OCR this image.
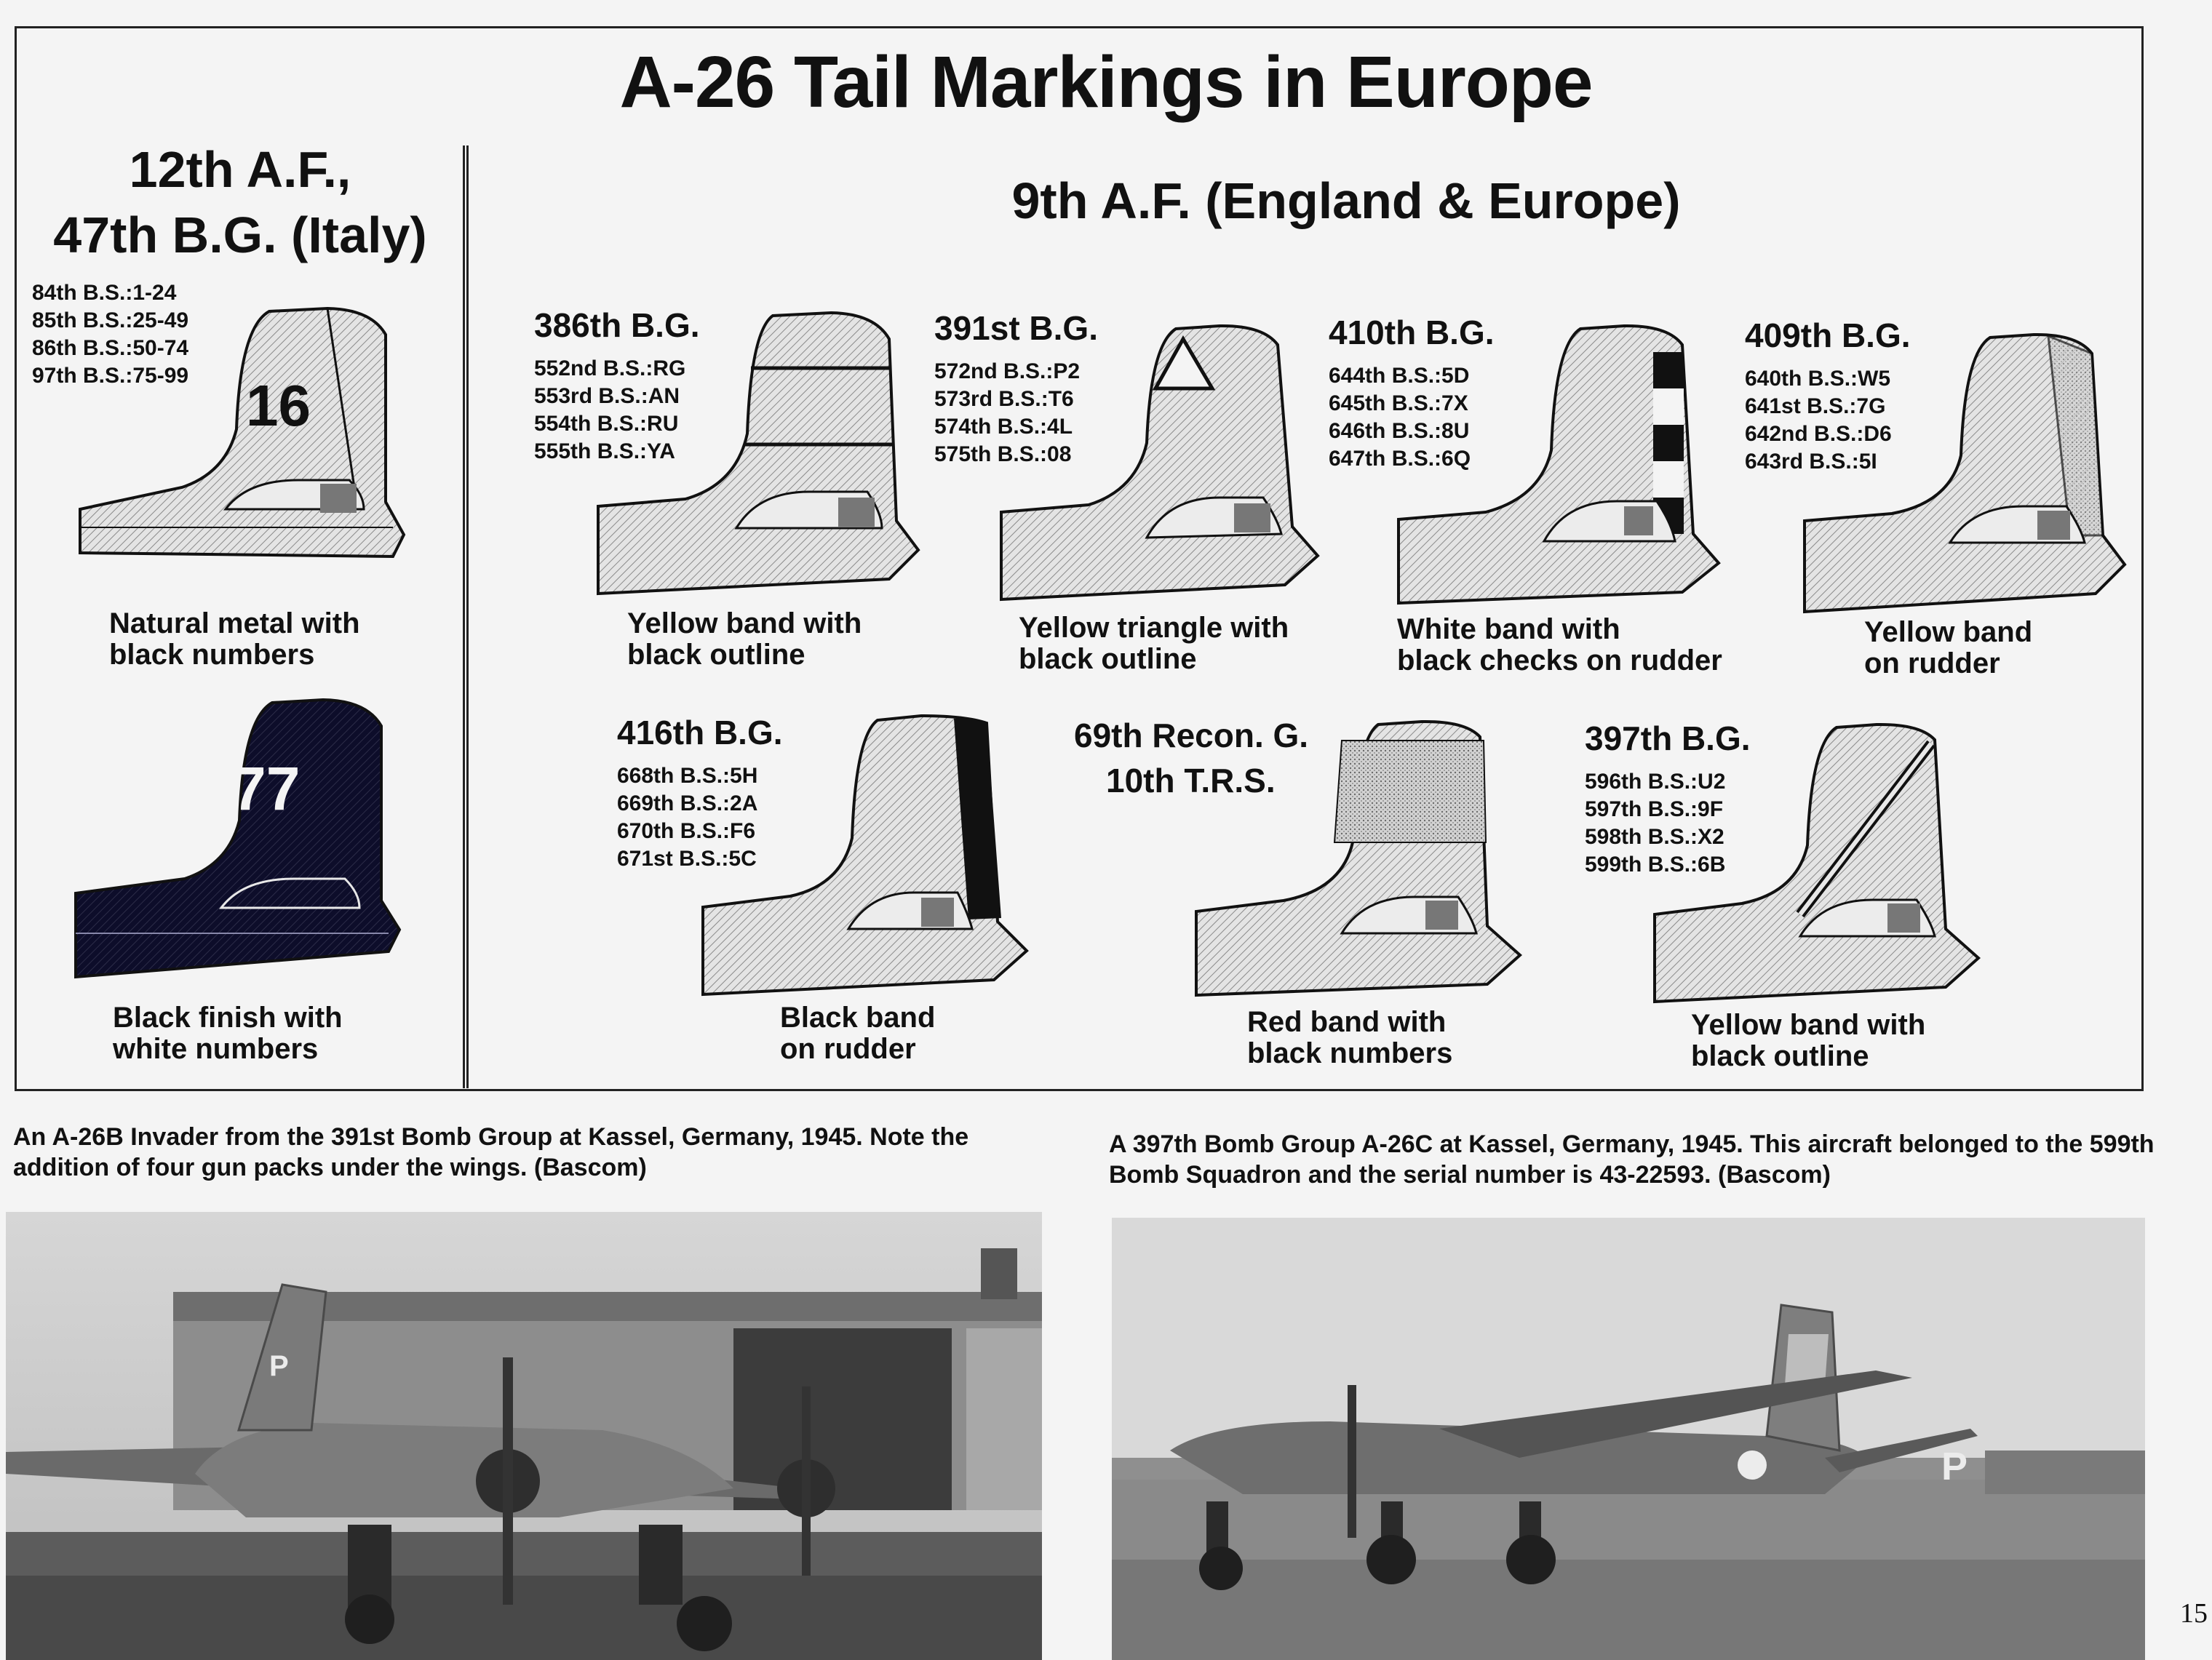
A-26 Tail Markings in Europe
12th A.F.,
47th B.G. (Italy)
84th B.S.:1-24
85th B.S.:25-49
86th B.S.:50-74
97th B.S.:75-99 16
Natural metal with
black numbers
77
Black finish with
white numbers
9th A.F. (England & Europe)
386th B.G.
552nd B.S.:RG
553rd B.S.:AN
554th B.S.:RU
555th B.S.:YA
Yellow band with
black outline
391st B.G.
572nd B.S.:P2
573rd B.S.:T6
574th B.S.:4L
575th B.S.:08
Yellow triangle with
black outline
410th B.G.
644th B.S.:5D
645th B.S.:7X
646th B.S.:8U
647th B.S.:6Q
White band with
black checks on rudder
409th B.G.
640th B.S.:W5
641st B.S.:7G
642nd B.S.:D6
643rd B.S.:5I
Yellow band
on rudder
416th B.G.
668th B.S.:5H
669th B.S.:2A
670th B.S.:F6
671st B.S.:5C
Black band
on rudder
69th Recon. G.
10th T.R.S.
Red band with
black numbers
397th B.G.
596th B.S.:U2
597th B.S.:9F
598th B.S.:X2
599th B.S.:6B
Yellow band with
black outline
An A-26B Invader from the 391st Bomb Group at Kassel, Germany, 1945. Note the addition of four gun packs under the wings. (Bascom)
A 397th Bomb Group A-26C at Kassel, Germany, 1945. This aircraft belonged to the 599th Bomb Squadron and the serial number is 43-22593. (Bascom)
P
P
15
